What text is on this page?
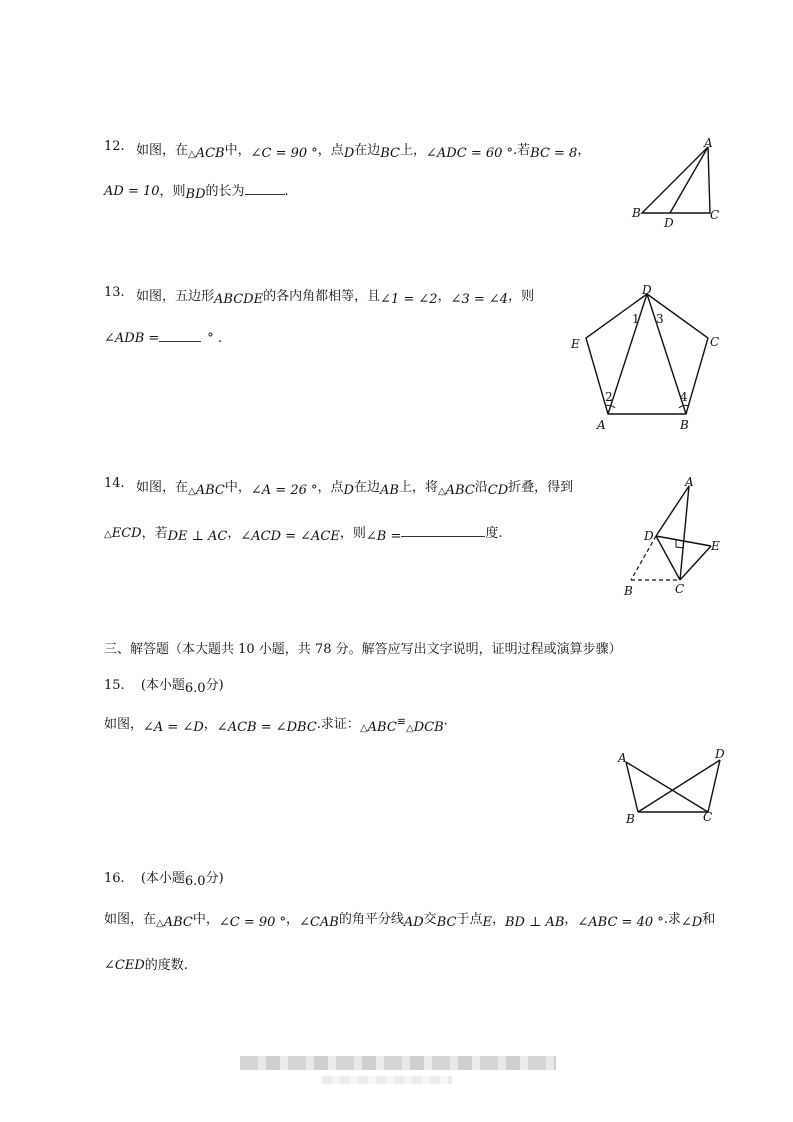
12. 如图，在$_\triangle$ACB中，∠C = 90 °，点D在边BC上，∠ADC = 60 °.若BC = 8，
AD = 10，则BD的长为	.
A
B	C
D
13. 如图，五边形ABCDE的各内角都相等，且∠1 = ∠2，∠3 = ∠4，则
∠ADB =	° .
D
E	C
A	B
1 3
2	4
14. 如图，在$_\triangle$ABC中，∠A = 26 °，点D在边AB上，将$_\triangle$ABC沿CD折叠，得到
△ECD，若DE ⊥ AC，∠ACD = ∠ACE，则∠B =	度.
A
D
E
B	C
三、解答题（本大题共 10 小题，共 78 分。解答应写出文字说明，证明过程或演算步骤）
15. (本小题6.0分)
如图，∠A = ∠D，∠ACB = ∠DBC.求证：$_\triangle ABC^≌_\triangle DCB\cdot$
A	D
B	C
16. (本小题6.0分)
如图，在$_\triangle$ABC中，∠C = 90 °，∠CAB的角平分线AD交BC于点E，BD ⊥ AB，∠ABC = 40 °.求∠D和
∠CED的度数.
